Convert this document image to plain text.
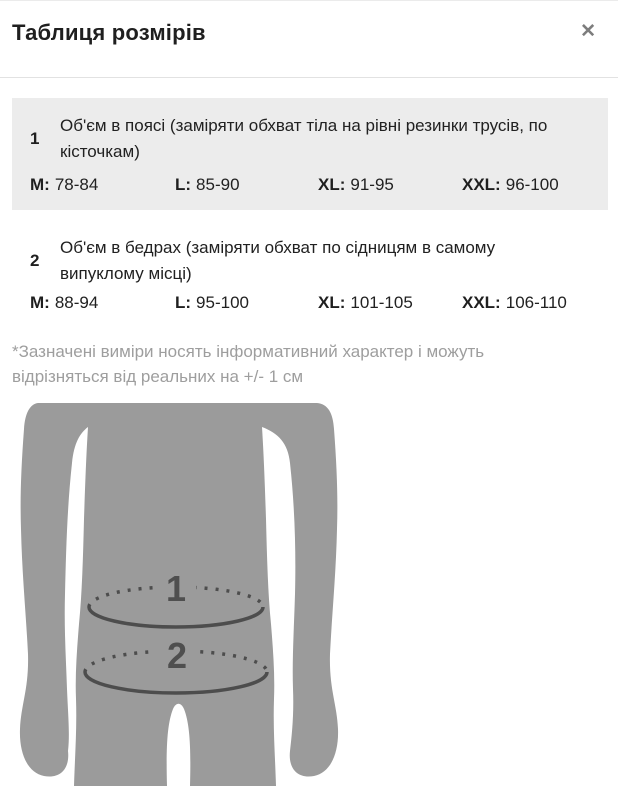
Таблиця розмірів	✕
1
Об'єм в поясі (заміряти обхват тіла на рівні резинки трусів, по
кісточкам)
M: 78-84	L: 85-90	XL: 91-95	XXL: 96-100
2
Об'єм в бедрах (заміряти обхват по сідницям в самому
випуклому місці)
M: 88-94	L: 95-100	XL: 101-105	XXL: 106-110

*Зазначені виміри носять інформативний характер і можуть
відрізняться від реальних на +/- 1 см

1
2
